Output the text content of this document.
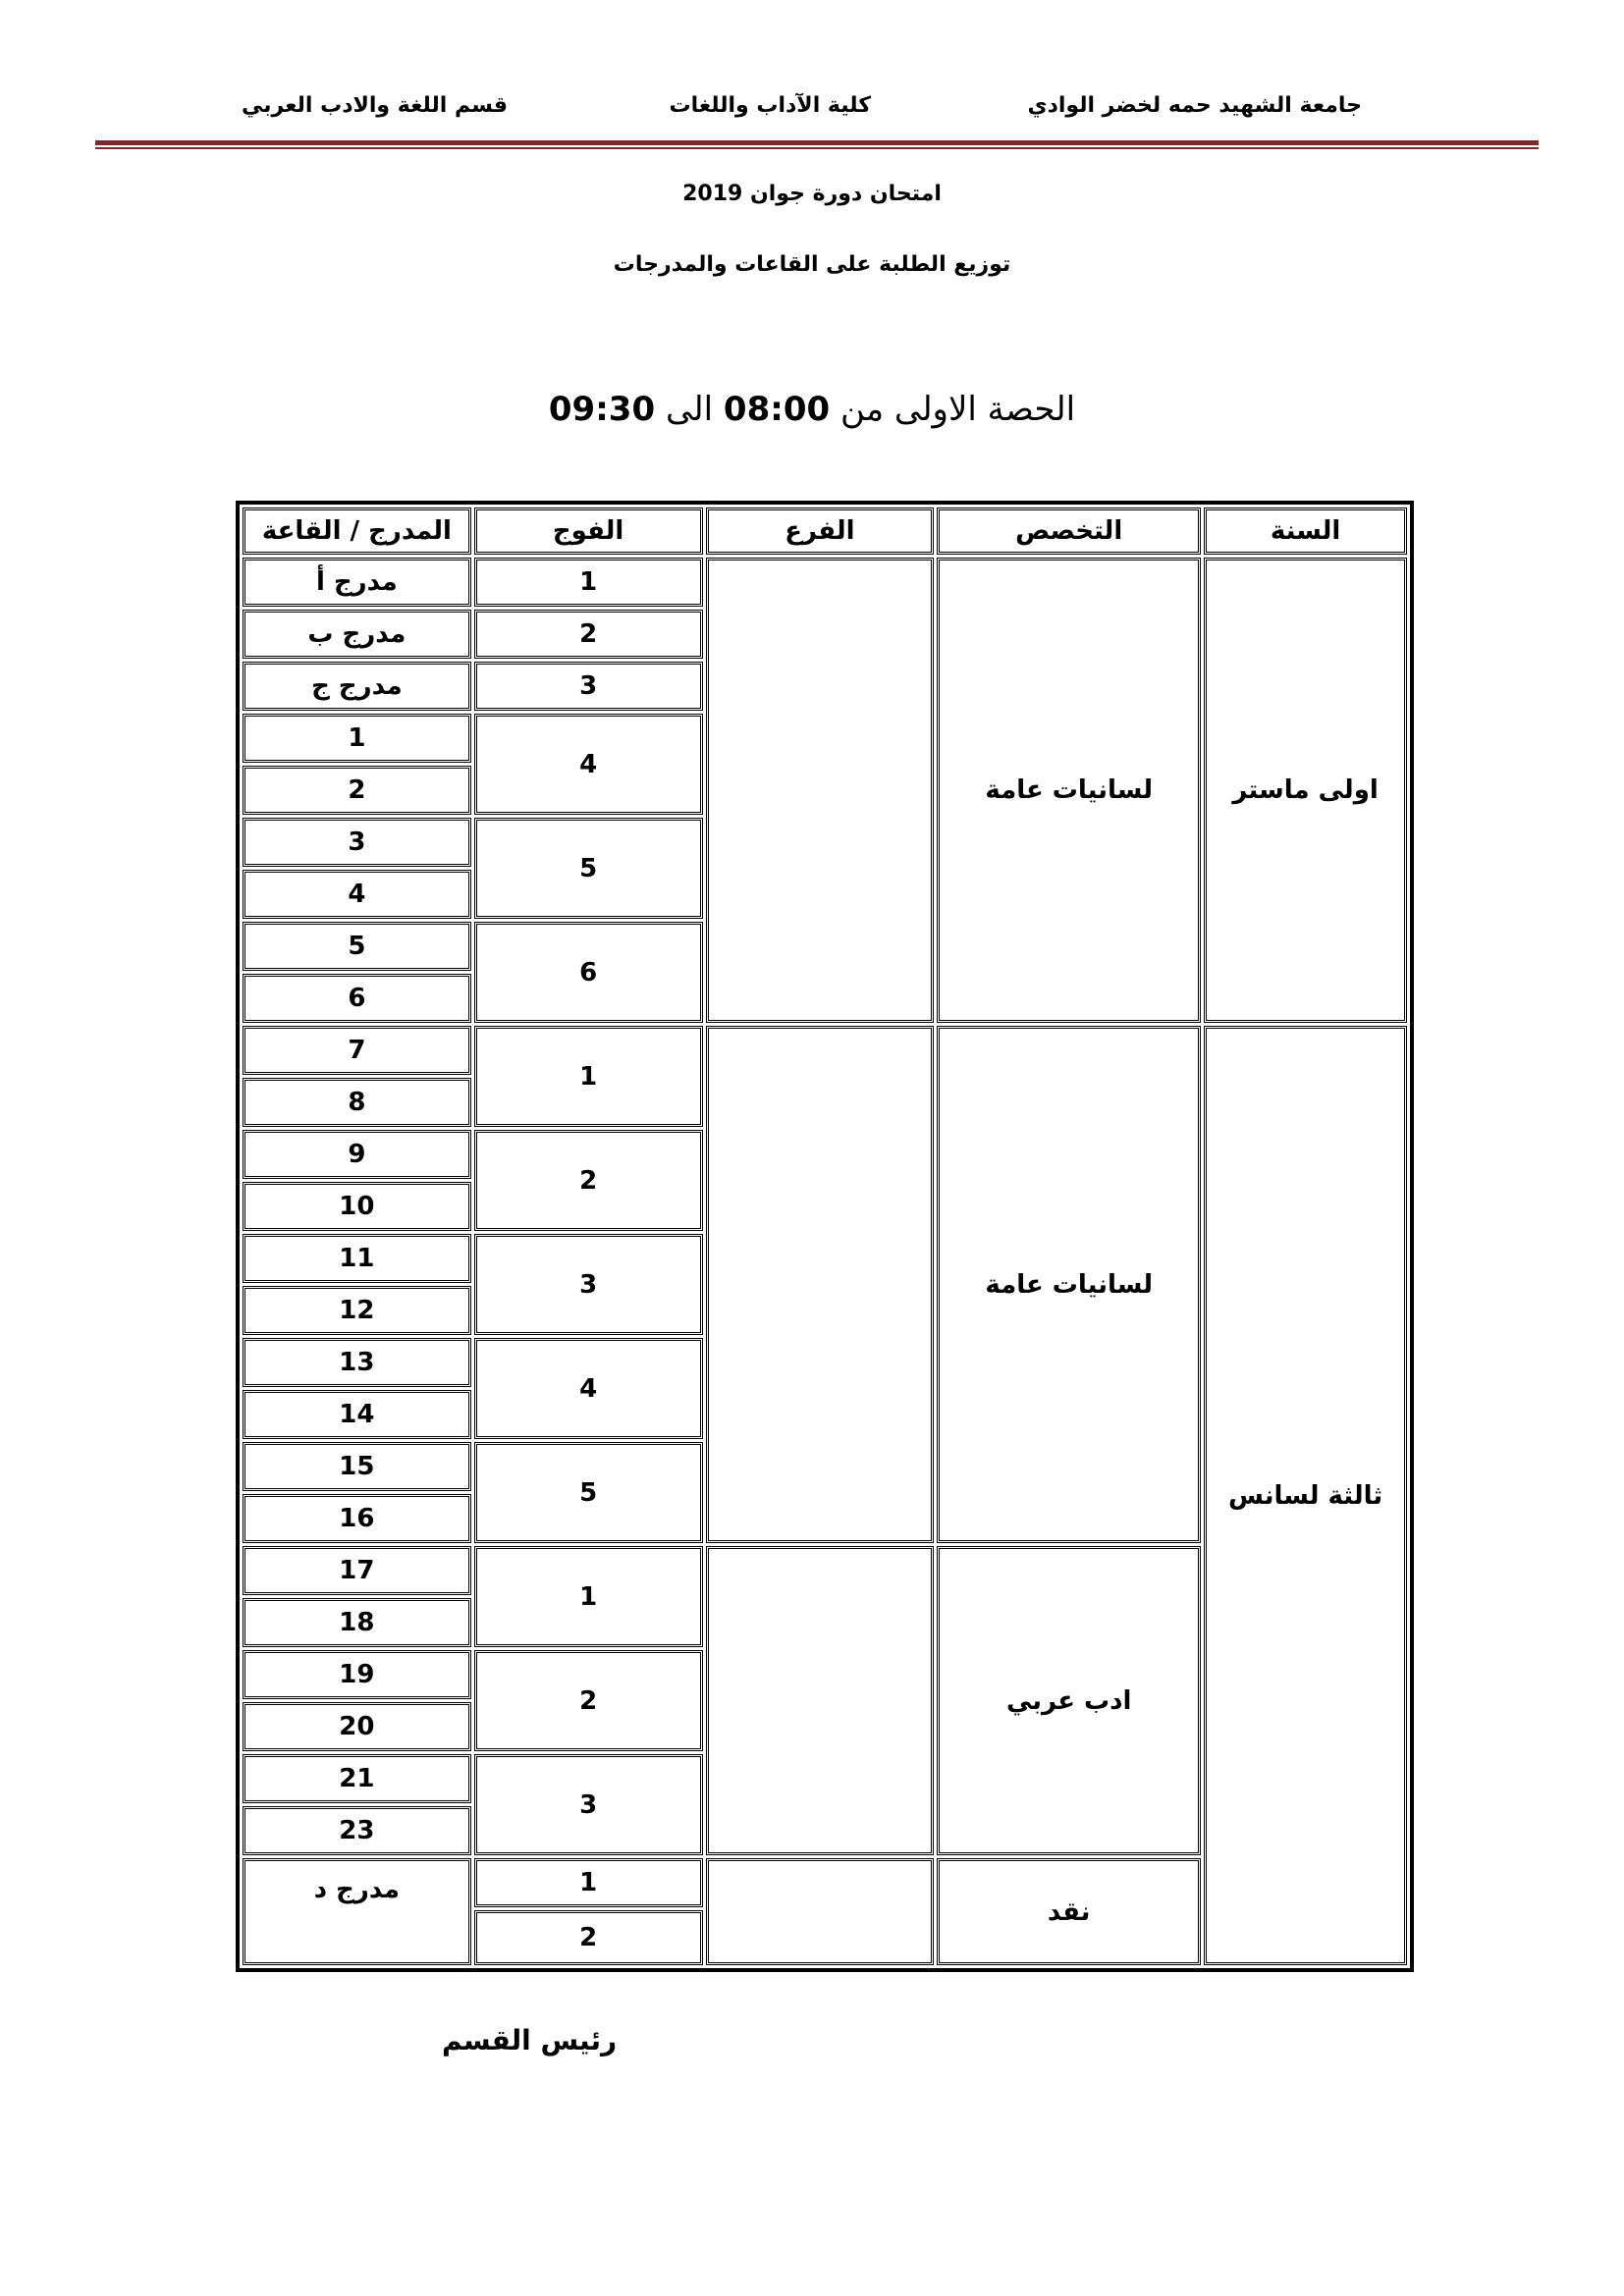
جامعة الشهيد حمه لخضر الوادي
كلية الآداب واللغات
قسم اللغة والادب العربي
امتحان دورة جوان 2019
توزيع الطلبة على القاعات والمدرجات
الحصة الاولى من 08:00 الى 09:30
السنة	التخصص	الفرع	الفوج	المدرج / القاعة
اولى ماستر	لسانيات عامة		1	مدرج أ
			2	مدرج ب
			3	مدرج ج
			4	1
				2
			5	3
				4
			6	5
				6
ثالثة لسانس	لسانيات عامة		1	7
				8
			2	9
				10
			3	11
				12
			4	13
				14
			5	15
				16
	ادب عربي		1	17
				18
			2	19
				20
			3	21
				23
	نقد		1	مدرج د
			2	
رئيس القسم
